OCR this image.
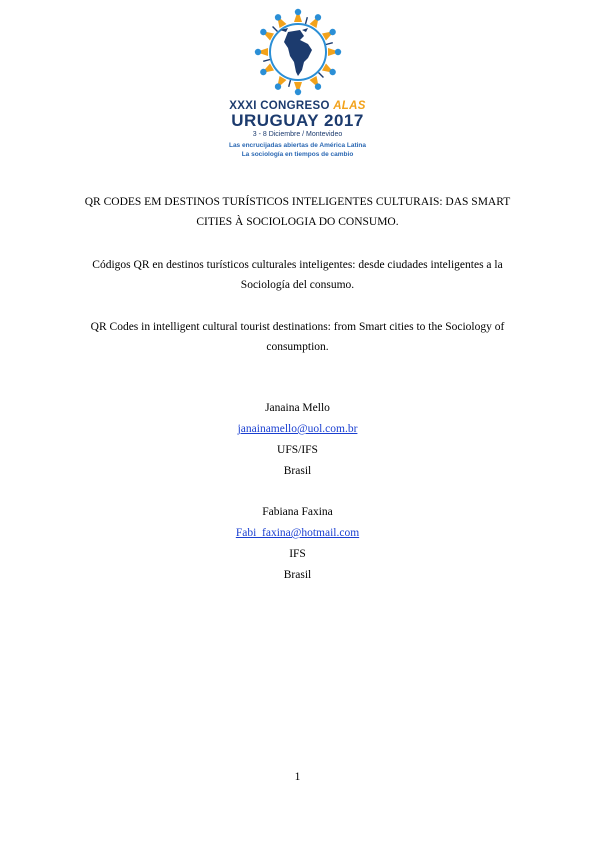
XXXI CONGRESO ALAS
URUGUAY 2017
3 - 8 Diciembre / Montevideo
Las encrucijadas abiertas de América Latina
La sociología en tiempos de cambio
QR CODES EM DESTINOS TURÍSTICOS INTELIGENTES CULTURAIS: DAS SMART
CITIES À SOCIOLOGIA DO CONSUMO.
Códigos QR en destinos turísticos culturales inteligentes: desde ciudades inteligentes a la
Sociología del consumo.
QR Codes in intelligent cultural tourist destinations: from Smart cities to the Sociology of
consumption.
Janaina Mello
janainamello@uol.com.br
UFS/IFS
Brasil
Fabiana Faxina
Fabi_faxina@hotmail.com
IFS
Brasil
1
